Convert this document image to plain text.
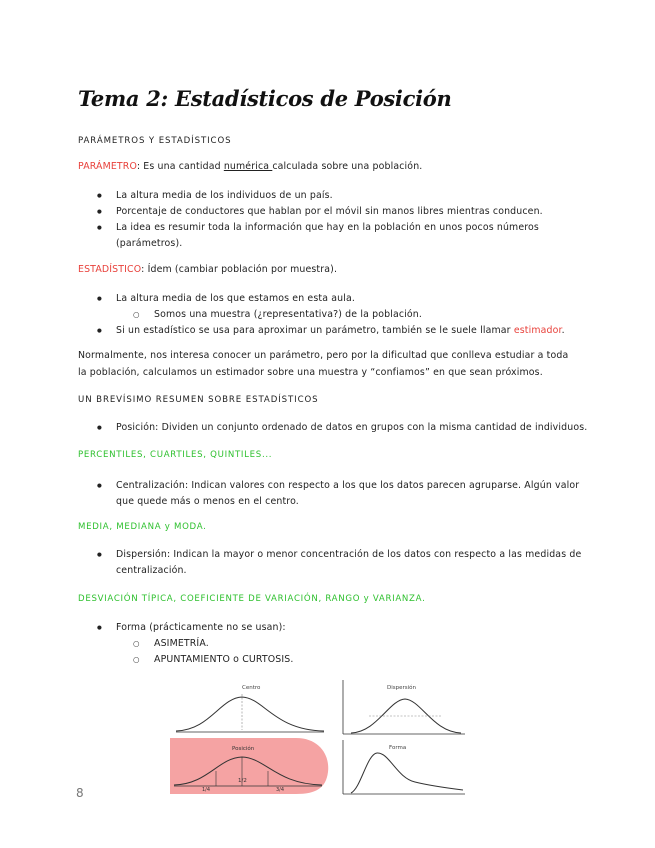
Tema 2: Estadísticos de Posición
PARÁMETROS Y ESTADÍSTICOS
PARÁMETRO: Es una cantidad numérica calculada sobre una población.
● La altura media de los individuos de un país.
● Porcentaje de conductores que hablan por el móvil sin manos libres mientras conducen.
● La idea es resumir toda la información que hay en la población en unos pocos números (parámetros).
ESTADÍSTICO: Ídem (cambiar población por muestra).
● La altura media de los que estamos en esta aula.
○ Somos una muestra (¿representativa?) de la población.
● Si un estadístico se usa para aproximar un parámetro, también se le suele llamar estimador.
Normalmente, nos interesa conocer un parámetro, pero por la dificultad que conlleva estudiar a toda la población, calculamos un estimador sobre una muestra y “confiamos” en que sean próximos.
UN BREVÍSIMO RESUMEN SOBRE ESTADÍSTICOS
● Posición: Dividen un conjunto ordenado de datos en grupos con la misma cantidad de individuos.
PERCENTILES, CUARTILES, QUINTILES...
● Centralización: Indican valores con respecto a los que los datos parecen agruparse. Algún valor que quede más o menos en el centro.
MEDIA, MEDIANA y MODA.
● Dispersión: Indican la mayor o menor concentración de los datos con respecto a las medidas de centralización.
DESVIACIÓN TÍPICA, COEFICIENTE DE VARIACIÓN, RANGO y VARIANZA.
● Forma (prácticamente no se usan):
○ ASIMETRÍA.
○ APUNTAMIENTO o CURTOSIS.
Centro	Dispersión
Posición
1/2
1/4	3/4
Forma
8
